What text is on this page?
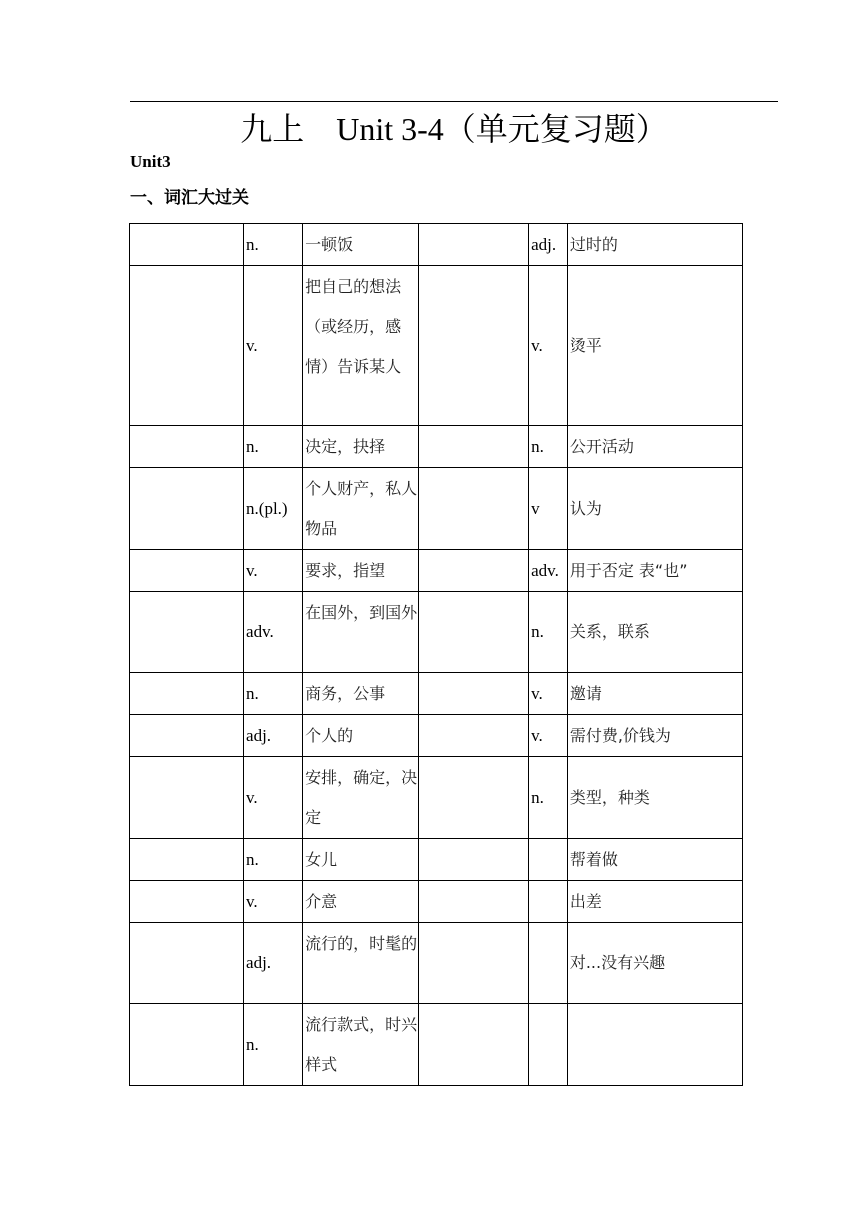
九上　Unit 3-4（单元复习题）
Unit3
一、词汇大过关
	n.	一顿饭		adj.	过时的
	v.	把自己的想法（或经历，感情）告诉某人		v.	烫平
	n.	决定，抉择		n.	公开活动
	n.(pl.)	个人财产，私人物品		v	认为
	v.	要求，指望		adv.	用于否定 表“也”
	adv.	在国外，到国外		n.	关系，联系
	n.	商务，公事		v.	邀请
	adj.	个人的		v.	需付费,价钱为
	v.	安排，确定，决定		n.	类型，种类
	n.	女儿			帮着做
	v.	介意			出差
	adj.	流行的，时髦的			对...没有兴趣
	n.	流行款式，时兴样式			
